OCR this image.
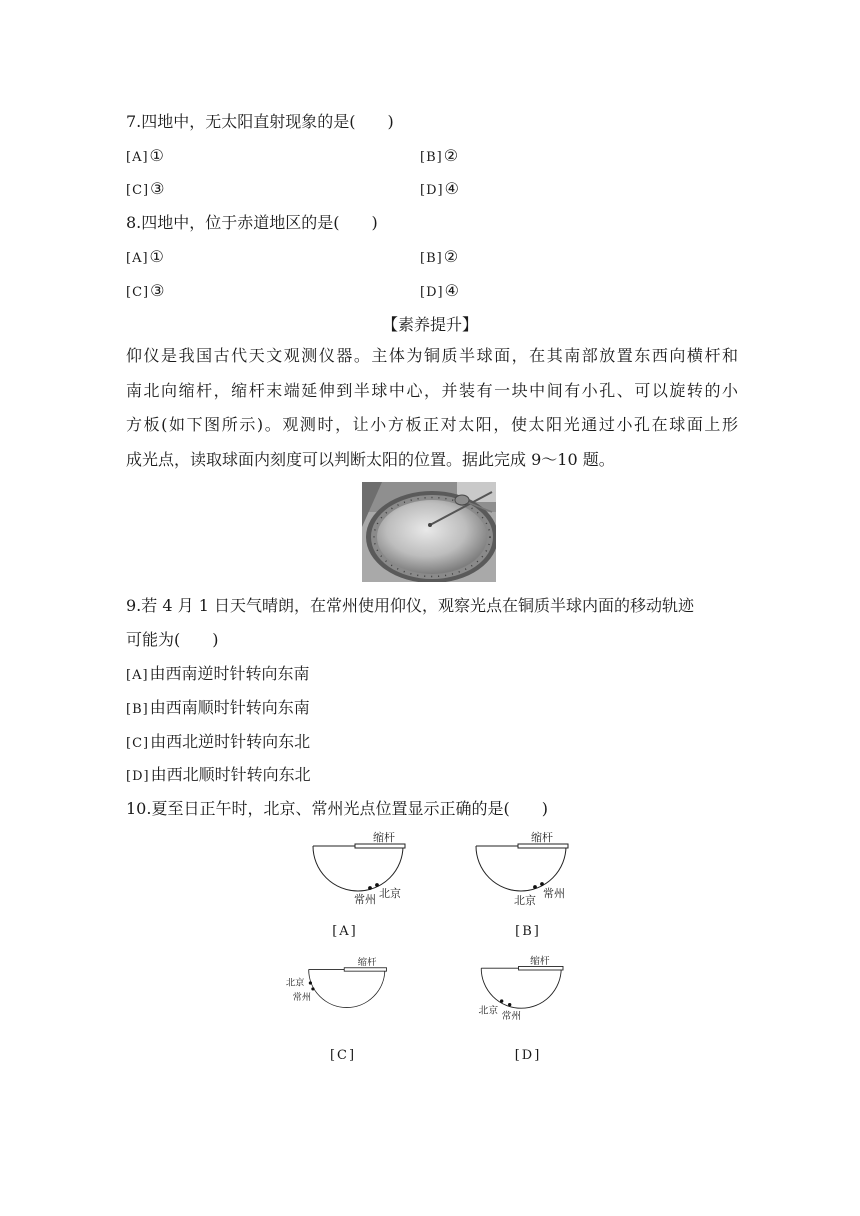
7.四地中，无太阳直射现象的是(　　)
[A]①	[B]②
[C]③	[D]④
8.四地中，位于赤道地区的是(　　)
[A]①	[B]②
[C]③	[D]④
【素养提升】
仰仪是我国古代天文观测仪器。主体为铜质半球面，在其南部放置东西向横杆和
南北向缩杆，缩杆末端延伸到半球中心，并装有一块中间有小孔、可以旋转的小
方板(如下图所示)。观测时，让小方板正对太阳，使太阳光通过小孔在球面上形
成光点，读取球面内刻度可以判断太阳的位置。据此完成 9～10 题。
9.若 4 月 1 日天气晴朗，在常州使用仰仪，观察光点在铜质半球内面的移动轨迹
可能为(　　)
[A]由西南逆时针转向东南
[B]由西南顺时针转向东南
[C]由西北逆时针转向东北
[D]由西北顺时针转向东北
10.夏至日正午时，北京、常州光点位置显示正确的是(　　)
缩杆
常州 北京
[A]
缩杆
北京
常州
[B]
缩杆
北京
常州
[C]
缩杆
北京 常州
[D]
